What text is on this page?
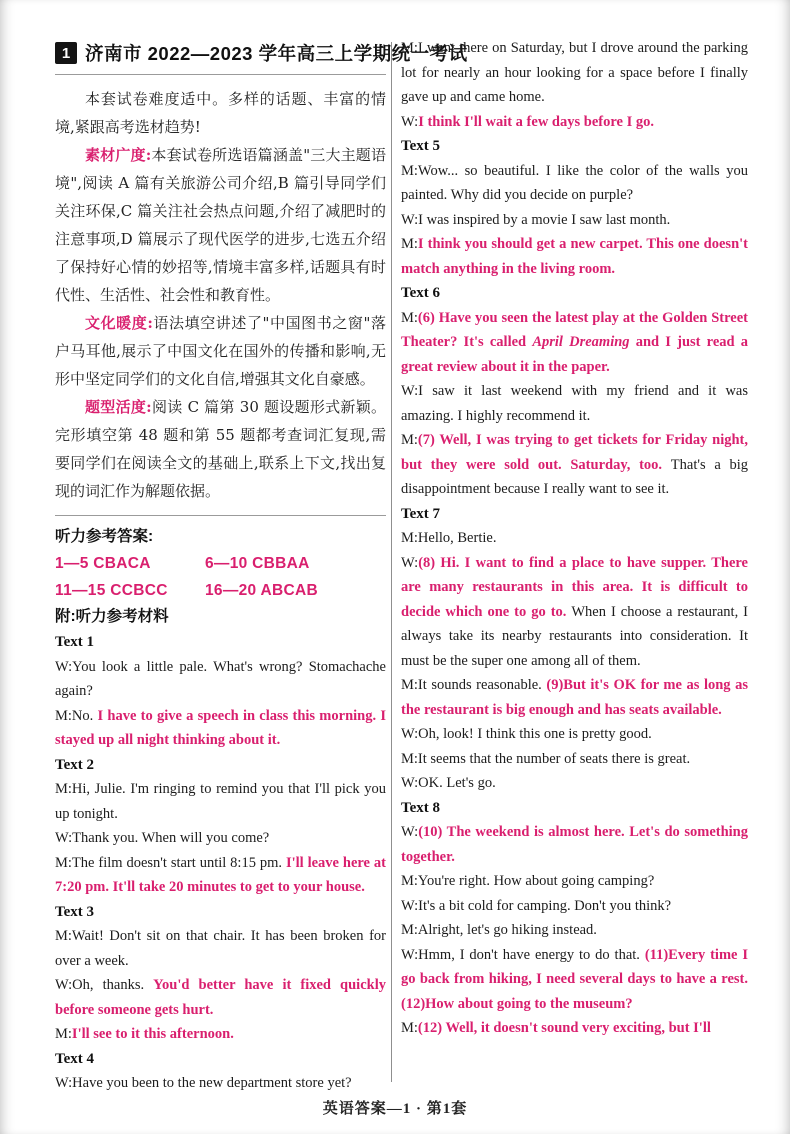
1 济南市 2022—2023 学年高三上学期统一考试

本套试卷难度适中。多样的话题、丰富的情境,紧跟高考选材趋势!

素材广度:本套试卷所选语篇涵盖"三大主题语境",阅读 A 篇有关旅游公司介绍,B 篇引导同学们关注环保,C 篇关注社会热点问题,介绍了减肥时的注意事项,D 篇展示了现代医学的进步,七选五介绍了保持好心情的妙招等,情境丰富多样,话题具有时代性、生活性、社会性和教育性。

文化暖度:语法填空讲述了"中国图书之窗"落户马耳他,展示了中国文化在国外的传播和影响,无形中坚定同学们的文化自信,增强其文化自豪感。

题型活度:阅读 C 篇第 30 题设题形式新颖。完形填空第 48 题和第 55 题都考查词汇复现,需要同学们在阅读全文的基础上,联系上下文,找出复现的词汇作为解题依据。

听力参考答案:
1—5 CBACA	6—10 CBBAA
11—15 CCBCC	16—20 ABCAB
附:听力参考材料
Text 1

W:You look a little pale. What's wrong? Stomachache again?

M:No. I have to give a speech in class this morning. I stayed up all night thinking about it.

Text 2

M:Hi, Julie. I'm ringing to remind you that I'll pick you up tonight.

W:Thank you. When will you come?

M:The film doesn't start until 8:15 pm. I'll leave here at 7:20 pm. It'll take 20 minutes to get to your house.

Text 3

M:Wait! Don't sit on that chair. It has been broken for over a week.

W:Oh, thanks. You'd better have it fixed quickly before someone gets hurt.

M:I'll see to it this afternoon.

Text 4

W:Have you been to the new department store yet?

M:I went there on Saturday, but I drove around the parking lot for nearly an hour looking for a space before I finally gave up and came home.

W:I think I'll wait a few days before I go.

Text 5

M:Wow... so beautiful. I like the color of the walls you painted. Why did you decide on purple?

W:I was inspired by a movie I saw last month.

M:I think you should get a new carpet. This one doesn't match anything in the living room.

Text 6

M:(6) Have you seen the latest play at the Golden Street Theater? It's called April Dreaming and I just read a great review about it in the paper.

W:I saw it last weekend with my friend and it was amazing. I highly recommend it.

M:(7) Well, I was trying to get tickets for Friday night, but they were sold out. Saturday, too. That's a big disappointment because I really want to see it.

Text 7

M:Hello, Bertie.

W:(8) Hi. I want to find a place to have supper. There are many restaurants in this area. It is difficult to decide which one to go to. When I choose a restaurant, I always take its nearby restaurants into consideration. It must be the super one among all of them.

M:It sounds reasonable. (9)But it's OK for me as long as the restaurant is big enough and has seats available.

W:Oh, look! I think this one is pretty good.

M:It seems that the number of seats there is great.

W:OK. Let's go.

Text 8

W:(10) The weekend is almost here. Let's do something together.

M:You're right. How about going camping?

W:It's a bit cold for camping. Don't you think?

M:Alright, let's go hiking instead.

W:Hmm, I don't have energy to do that. (11)Every time I go back from hiking, I need several days to have a rest. (12)How about going to the museum?

M:(12) Well, it doesn't sound very exciting, but I'll

英语答案—1 · 第1套
